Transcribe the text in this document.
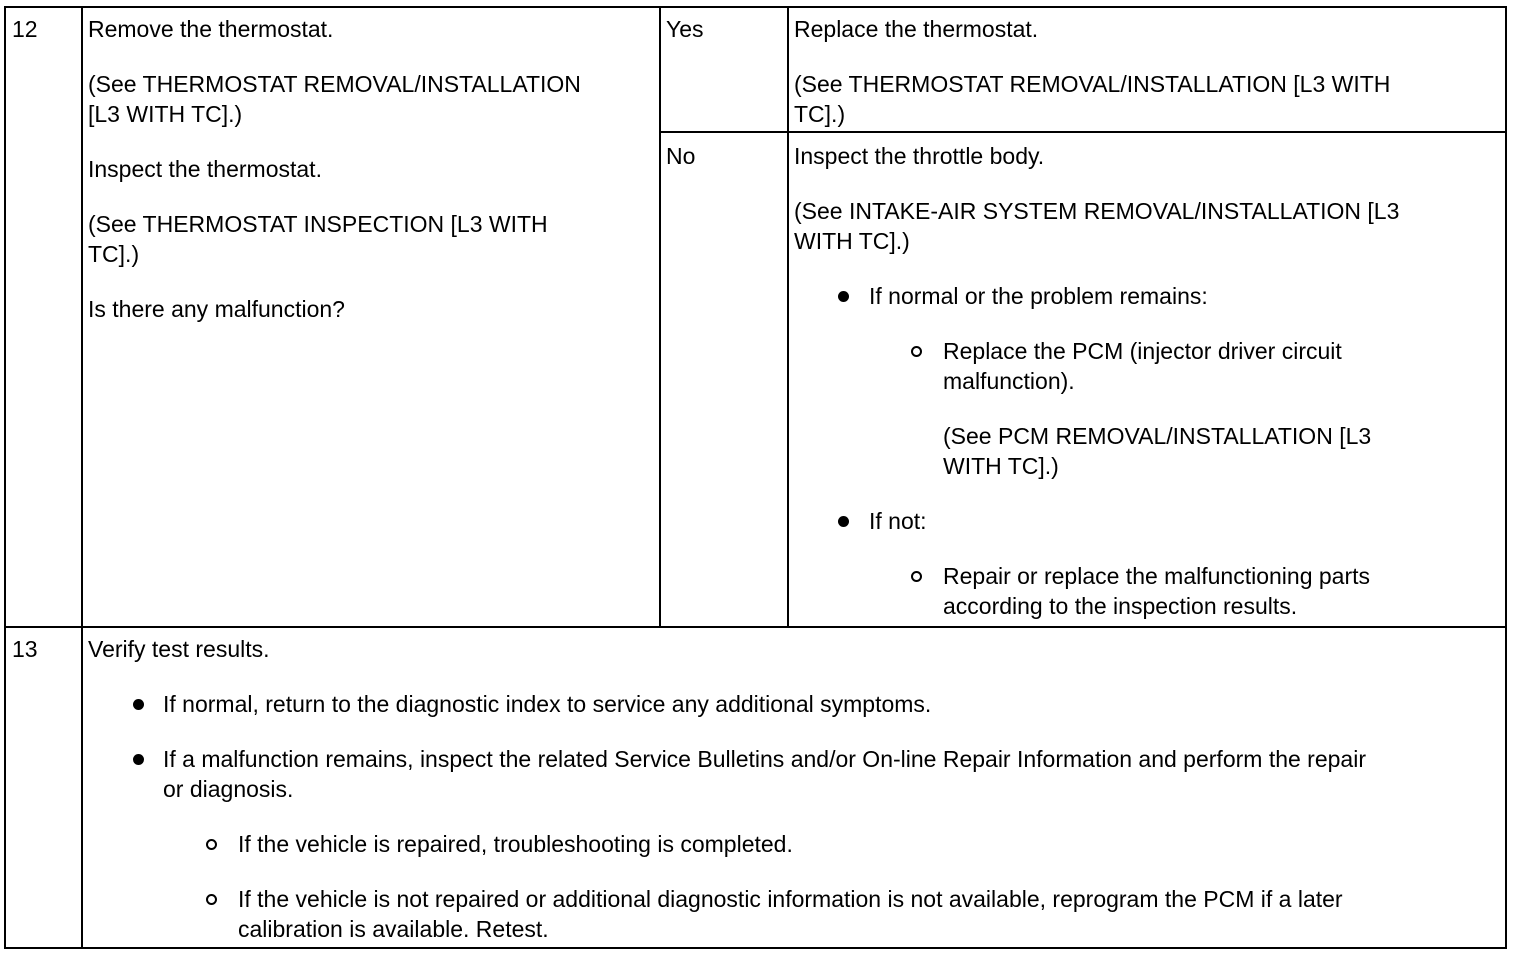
12 Remove the thermostat.
(See THERMOSTAT REMOVAL/INSTALLATION
[L3 WITH TC].)
Inspect the thermostat.
(See THERMOSTAT INSPECTION [L3 WITH
TC].)
Is there any malfunction?
Yes	Replace the thermostat.
(See THERMOSTAT REMOVAL/INSTALLATION [L3 WITH
TC].)
No	Inspect the throttle body.
(See INTAKE-AIR SYSTEM REMOVAL/INSTALLATION [L3
WITH TC].)
If normal or the problem remains:
Replace the PCM (injector driver circuit
malfunction).
(See PCM REMOVAL/INSTALLATION [L3
WITH TC].)
If not:
Repair or replace the malfunctioning parts
according to the inspection results.
13 Verify test results.
If normal, return to the diagnostic index to service any additional symptoms.
If a malfunction remains, inspect the related Service Bulletins and/or On-line Repair Information and perform the repair
or diagnosis.
If the vehicle is repaired, troubleshooting is completed.
If the vehicle is not repaired or additional diagnostic information is not available, reprogram the PCM if a later
calibration is available. Retest.
